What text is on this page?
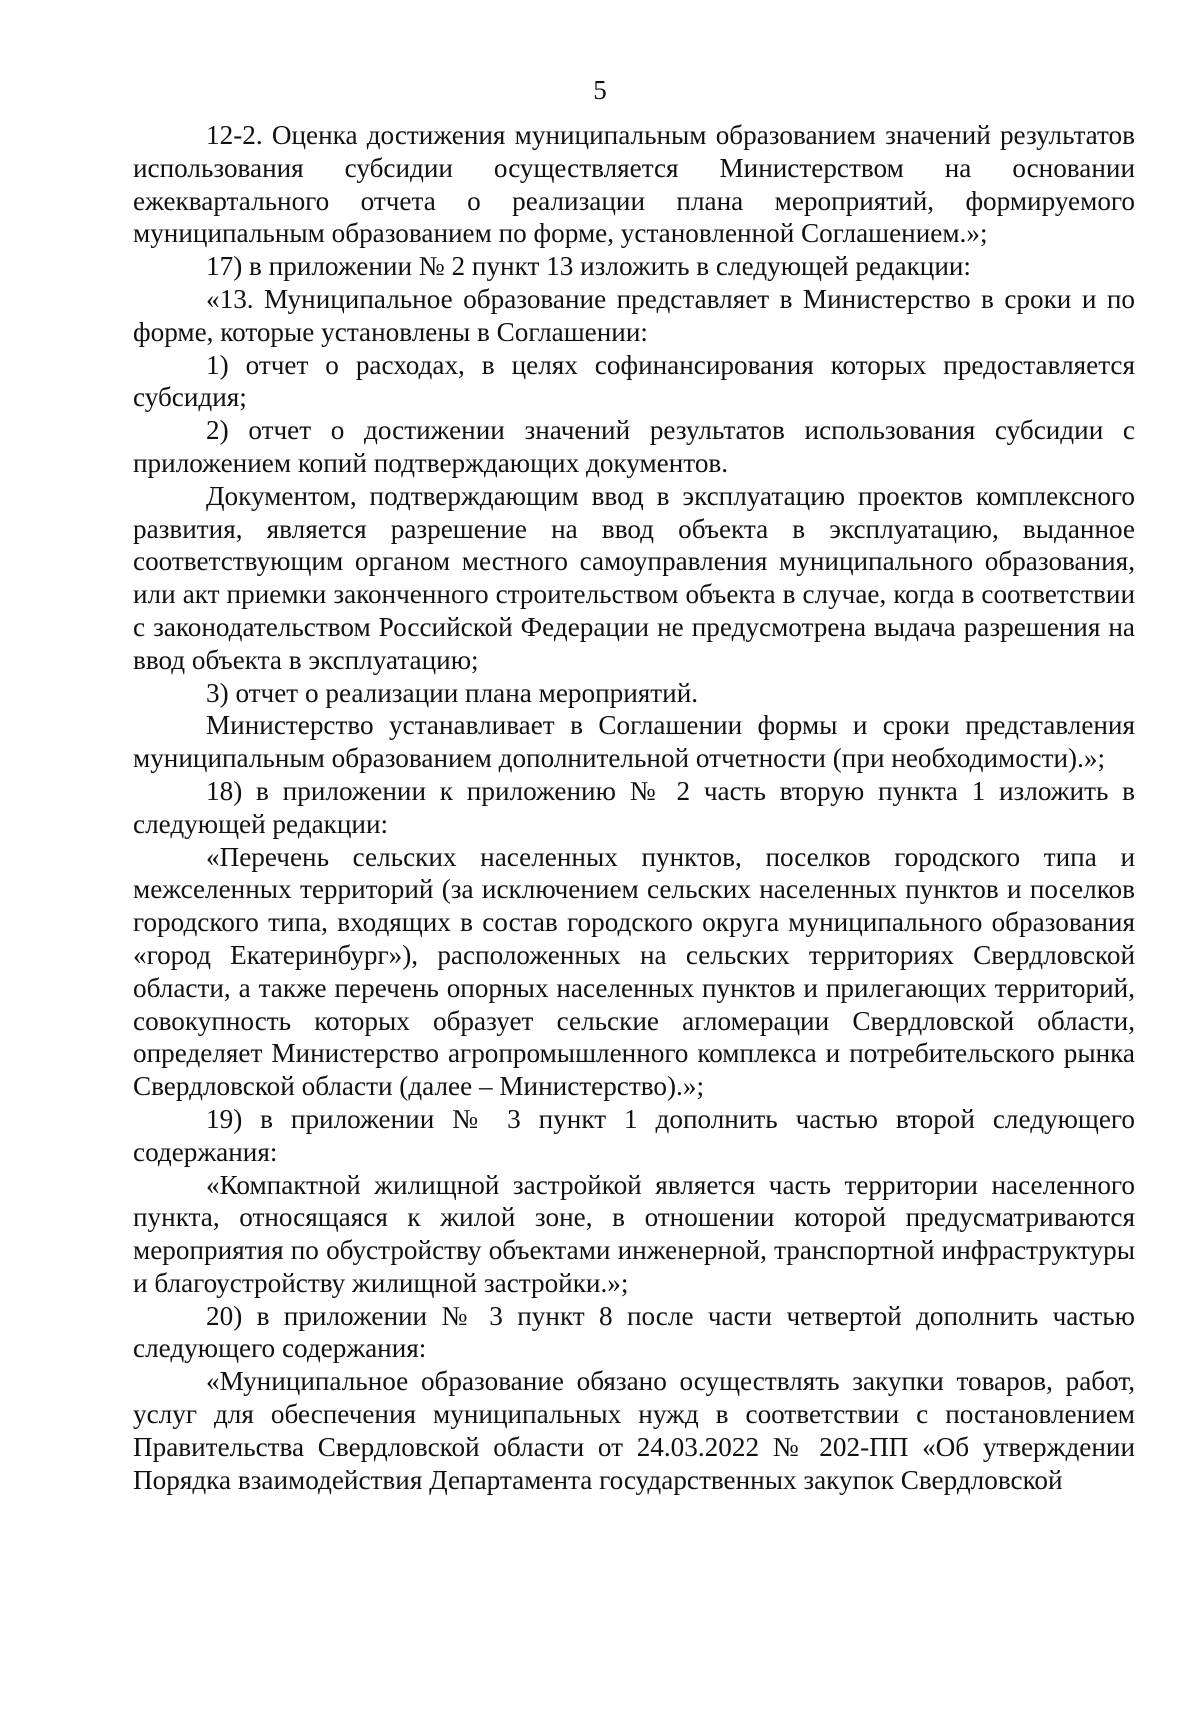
5

12-2. Оценка достижения муниципальным образованием значений результатов использования субсидии осуществляется Министерством на основании ежеквартального отчета о реализации плана мероприятий, формируемого муниципальным образованием по форме, установленной Соглашением.»;

17) в приложении № 2 пункт 13 изложить в следующей редакции:

«13. Муниципальное образование представляет в Министерство в сроки и по форме, которые установлены в Соглашении:

1) отчет о расходах, в целях софинансирования которых предоставляется субсидия;

2) отчет о достижении значений результатов использования субсидии с приложением копий подтверждающих документов.

Документом, подтверждающим ввод в эксплуатацию проектов комплексного развития, является разрешение на ввод объекта в эксплуатацию, выданное соответствующим органом местного самоуправления муниципального образования, или акт приемки законченного строительством объекта в случае, когда в соответствии с законодательством Российской Федерации не предусмотрена выдача разрешения на ввод объекта в эксплуатацию;

3) отчет о реализации плана мероприятий.

Министерство устанавливает в Соглашении формы и сроки представления муниципальным образованием дополнительной отчетности (при необходимости).»;

18) в приложении к приложению № 2 часть вторую пункта 1 изложить в следующей редакции:

«Перечень сельских населенных пунктов, поселков городского типа и межселенных территорий (за исключением сельских населенных пунктов и поселков городского типа, входящих в состав городского округа муниципального образования «город Екатеринбург»), расположенных на сельских территориях Свердловской области, а также перечень опорных населенных пунктов и прилегающих территорий, совокупность которых образует сельские агломерации Свердловской области, определяет Министерство агропромышленного комплекса и потребительского рынка Свердловской области (далее – Министерство).»;

19) в приложении № 3 пункт 1 дополнить частью второй следующего содержания:

«Компактной жилищной застройкой является часть территории населенного пункта, относящаяся к жилой зоне, в отношении которой предусматриваются мероприятия по обустройству объектами инженерной, транспортной инфраструктуры и благоустройству жилищной застройки.»;

20) в приложении № 3 пункт 8 после части четвертой дополнить частью следующего содержания:

«Муниципальное образование обязано осуществлять закупки товаров, работ, услуг для обеспечения муниципальных нужд в соответствии с постановлением Правительства Свердловской области от 24.03.2022 № 202-ПП «Об утверждении Порядка взаимодействия Департамента государственных закупок Свердловской
